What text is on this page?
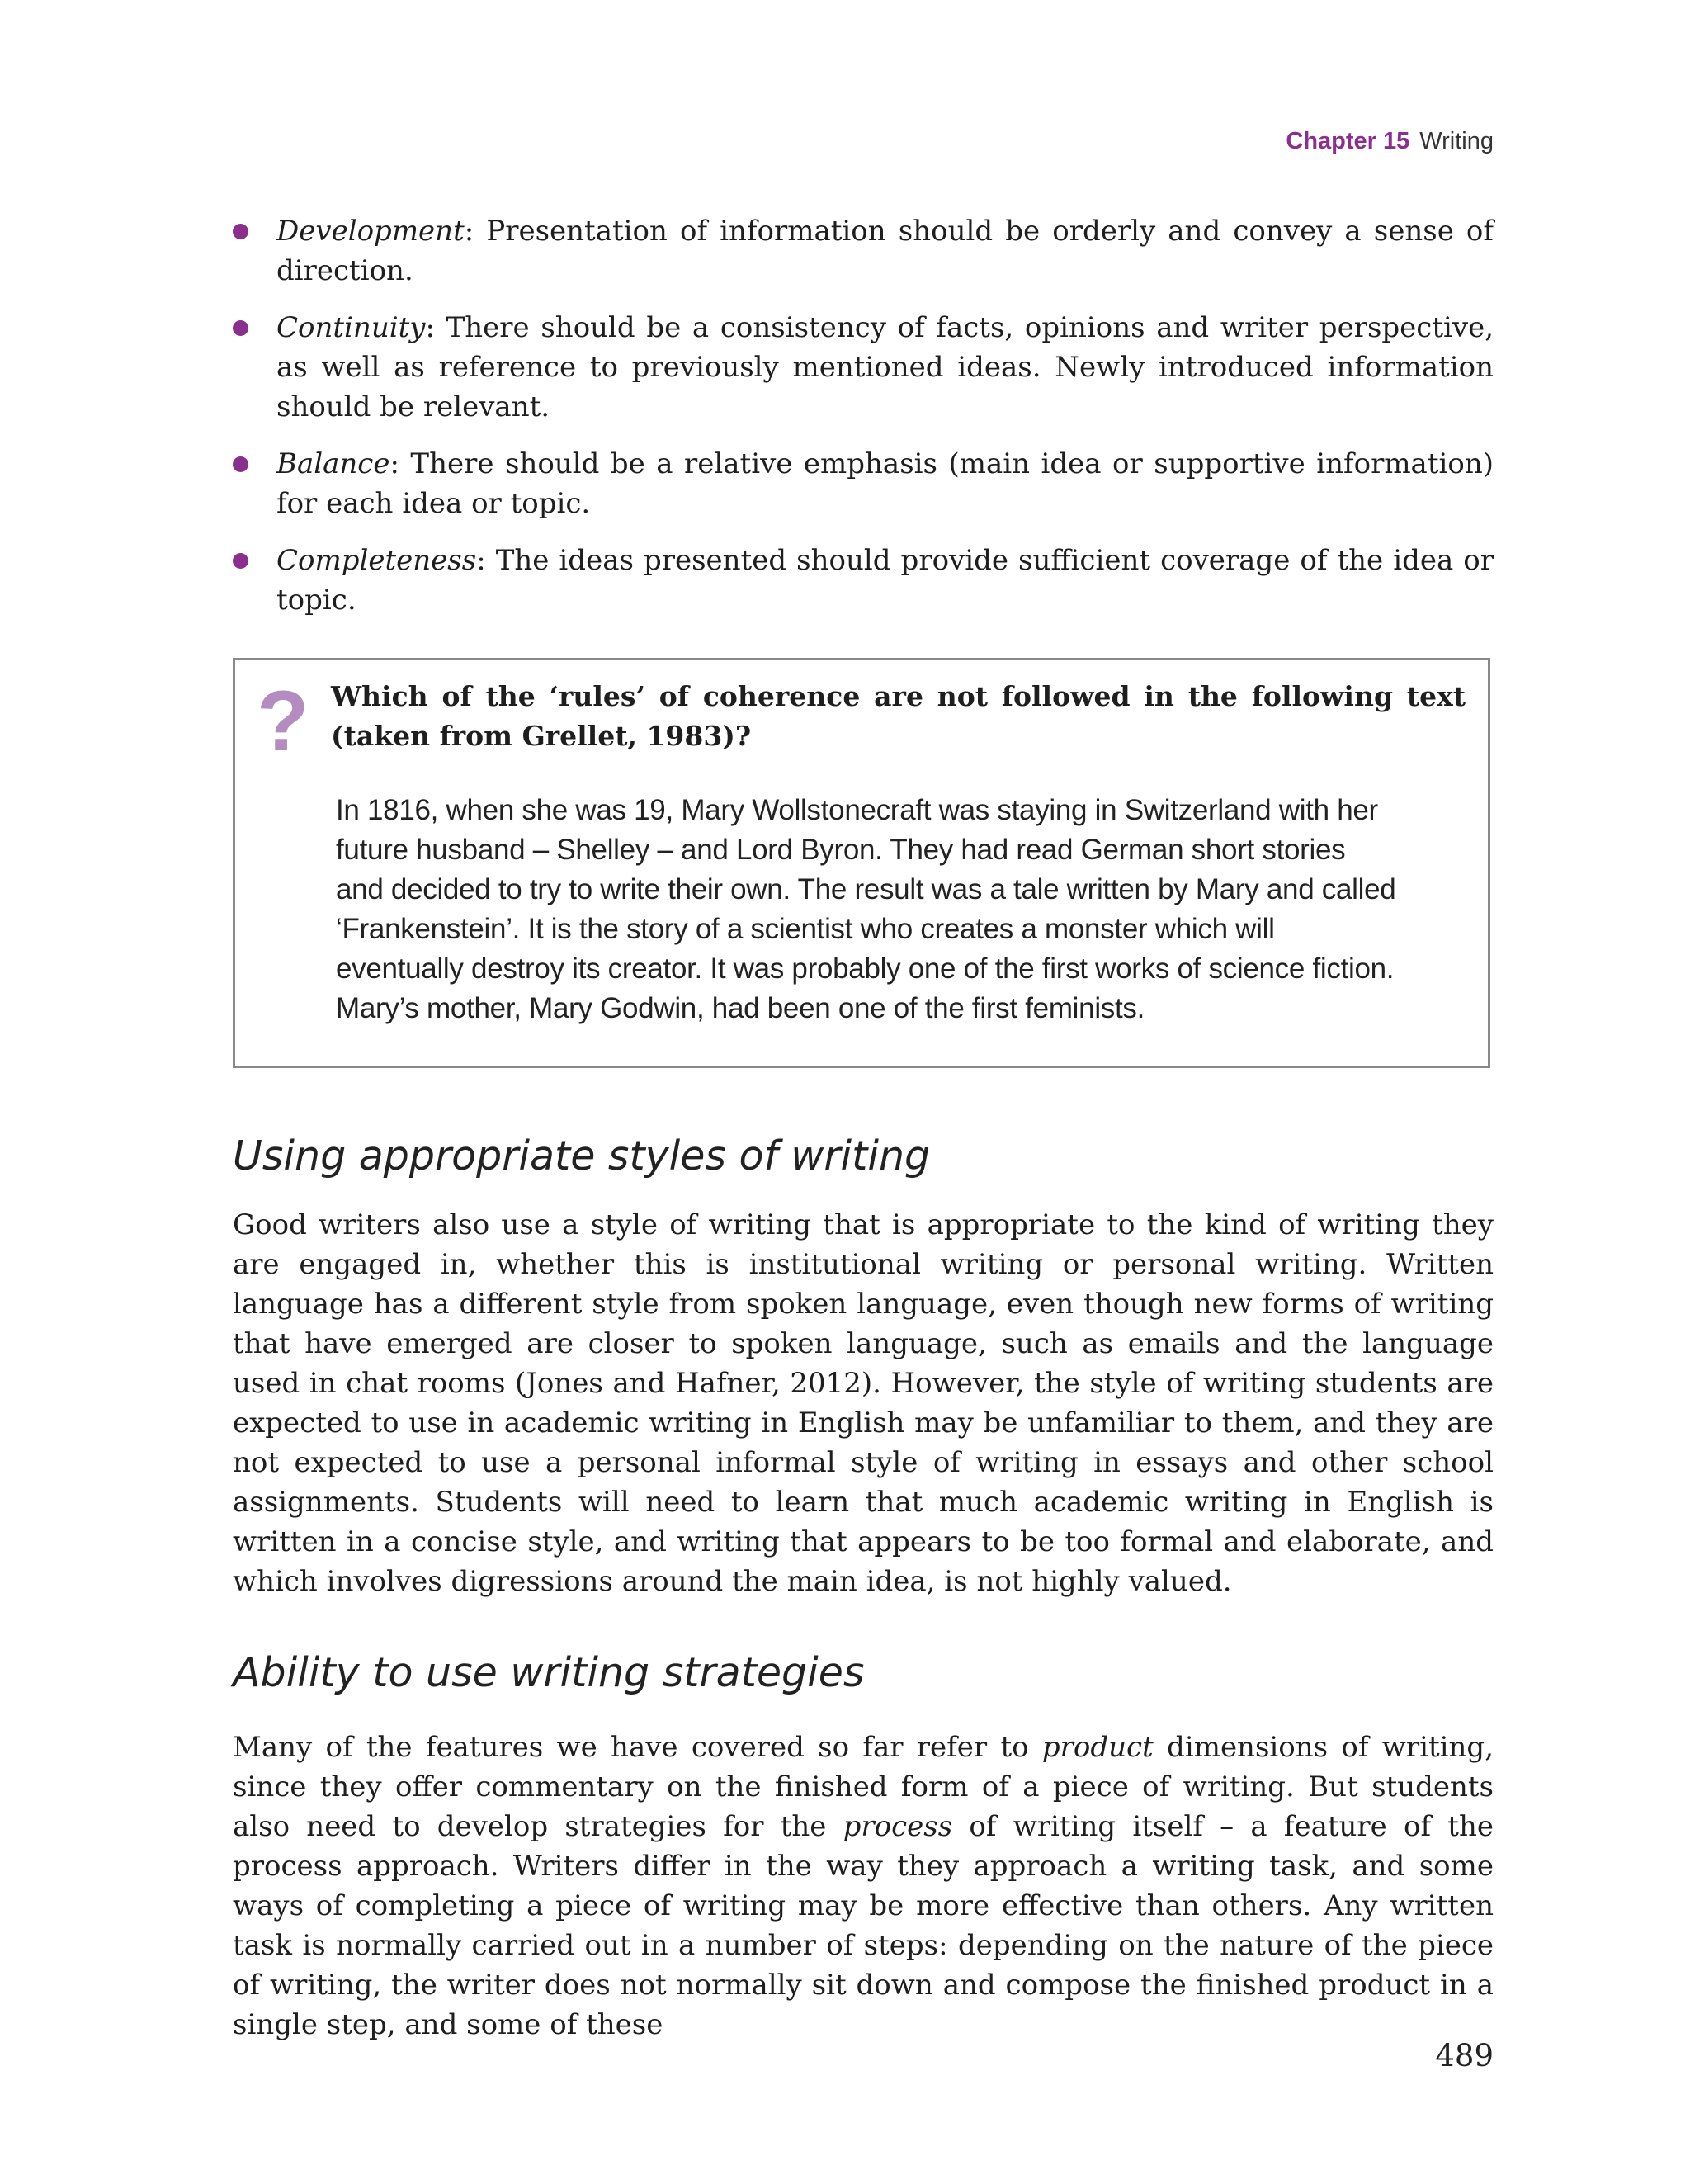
Chapter 15 Writing
Development: Presentation of information should be orderly and convey a sense of direction.
Continuity: There should be a consistency of facts, opinions and writer perspective, as well as reference to previously mentioned ideas. Newly introduced information should be relevant.
Balance: There should be a relative emphasis (main idea or supportive information) for each idea or topic.
Completeness: The ideas presented should provide sufficient coverage of the idea or topic.
? Which of the ‘rules’ of coherence are not followed in the following text (taken from Grellet, 1983)?
In 1816, when she was 19, Mary Wollstonecraft was staying in Switzerland with her future husband – Shelley – and Lord Byron. They had read German short stories and decided to try to write their own. The result was a tale written by Mary and called ‘Frankenstein’. It is the story of a scientist who creates a monster which will eventually destroy its creator. It was probably one of the first works of science fiction. Mary’s mother, Mary Godwin, had been one of the first feminists.
Using appropriate styles of writing

Good writers also use a style of writing that is appropriate to the kind of writing they are engaged in, whether this is institutional writing or personal writing. Written language has a different style from spoken language, even though new forms of writing that have emerged are closer to spoken language, such as emails and the language used in chat rooms (Jones and Hafner, 2012). However, the style of writing students are expected to use in academic writing in English may be unfamiliar to them, and they are not expected to use a personal informal style of writing in essays and other school assignments. Students will need to learn that much academic writing in English is written in a concise style, and writing that appears to be too formal and elaborate, and which involves digressions around the main idea, is not highly valued.

Ability to use writing strategies

Many of the features we have covered so far refer to product dimensions of writing, since they offer commentary on the finished form of a piece of writing. But students also need to develop strategies for the process of writing itself – a feature of the process approach. Writers differ in the way they approach a writing task, and some ways of completing a piece of writing may be more effective than others. Any written task is normally carried out in a number of steps: depending on the nature of the piece of writing, the writer does not normally sit down and compose the finished product in a single step, and some of these

489
